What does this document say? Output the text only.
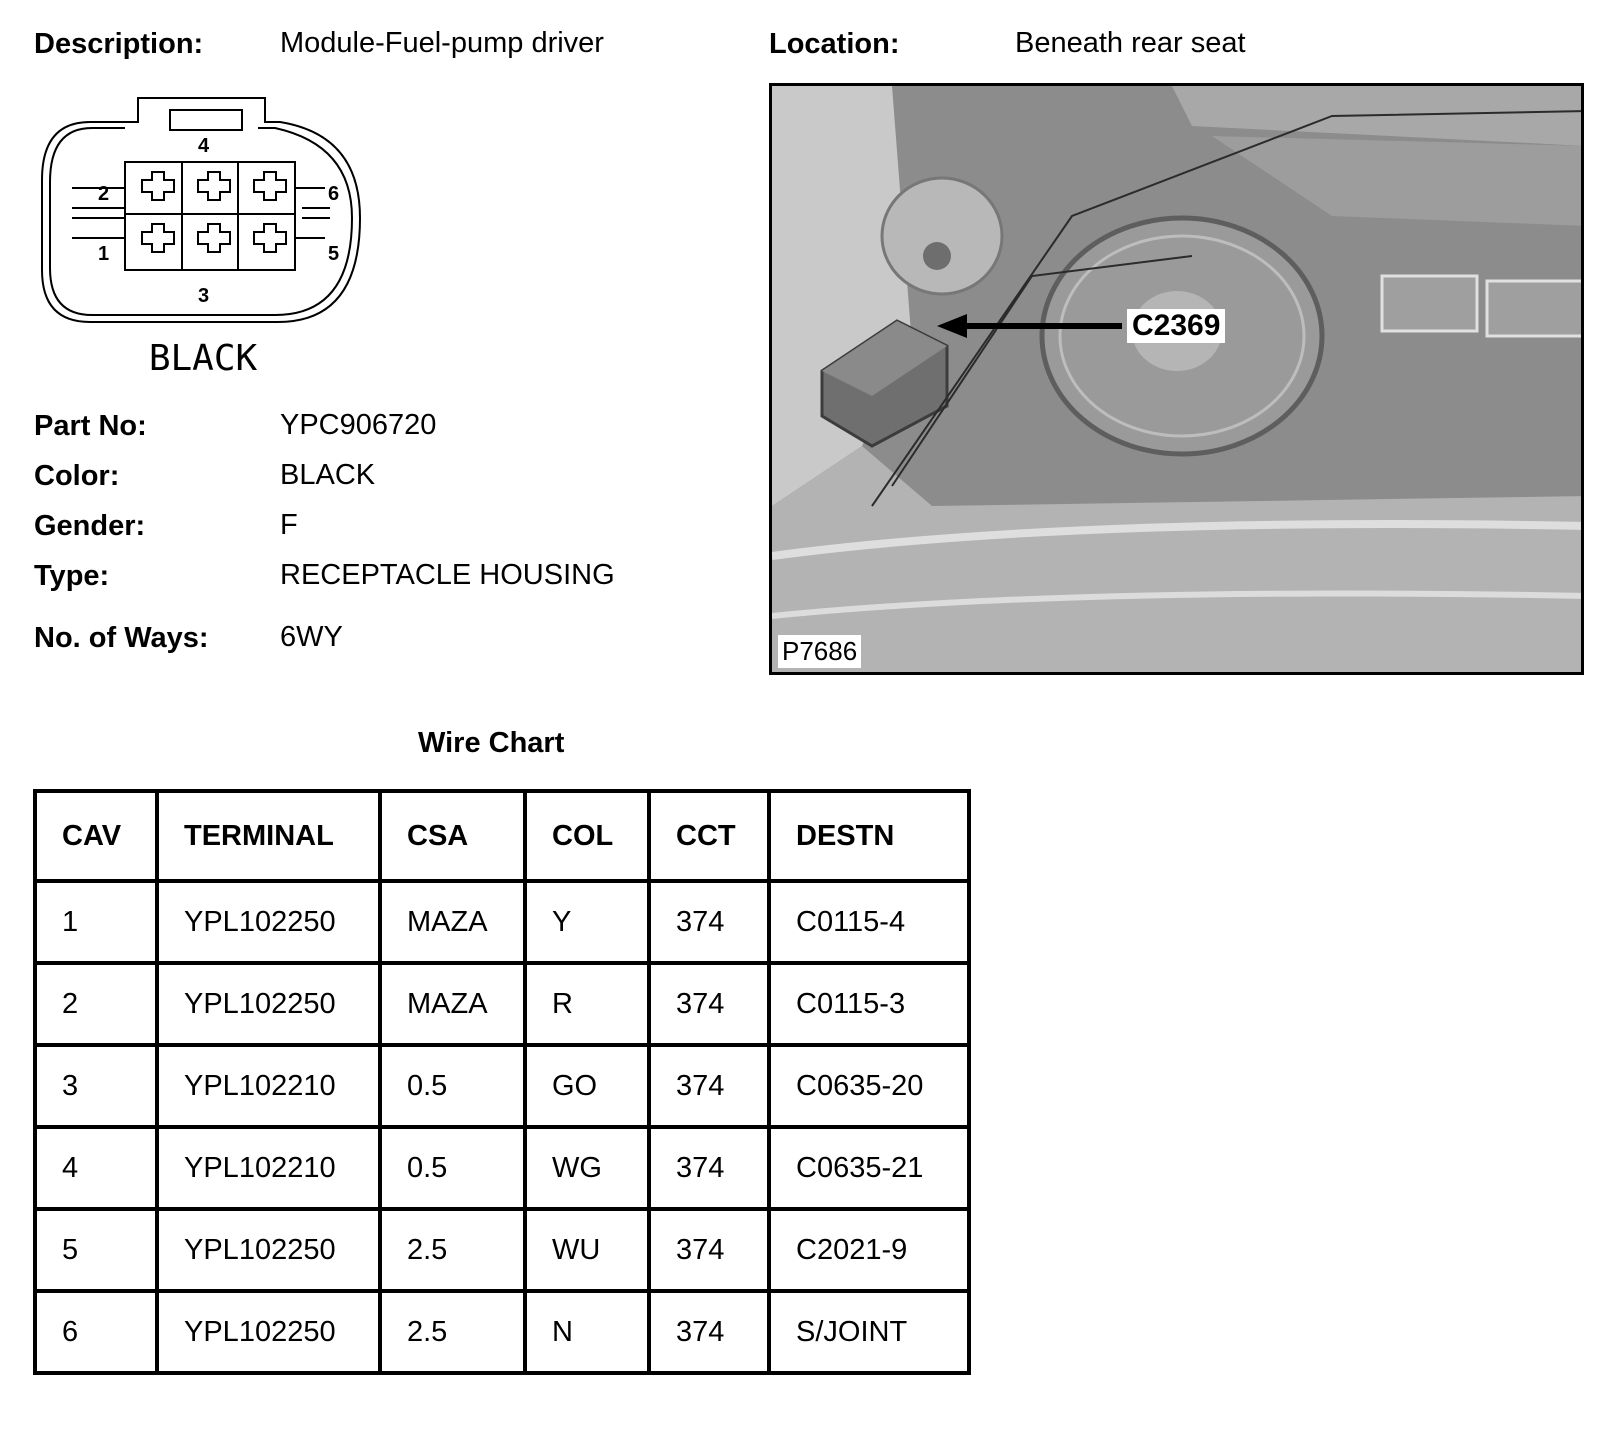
Description:	Module-Fuel-pump driver	Location:	Beneath rear seat
1
2
3
4
5
6
BLACK
Part No:	YPC906720
Color:	BLACK
Gender:	F
Type:	RECEPTACLE HOUSING
No. of Ways: 6WY
C2369
P7686
Wire Chart
CAV	TERMINAL	CSA	COL	CCT	DESTN
1	YPL102250	MAZA	Y	374	C0115-4
2	YPL102250	MAZA	R	374	C0115-3
3	YPL102210	0.5	GO	374	C0635-20
4	YPL102210	0.5	WG	374	C0635-21
5	YPL102250	2.5	WU	374	C2021-9
6	YPL102250	2.5	N	374	S/JOINT
